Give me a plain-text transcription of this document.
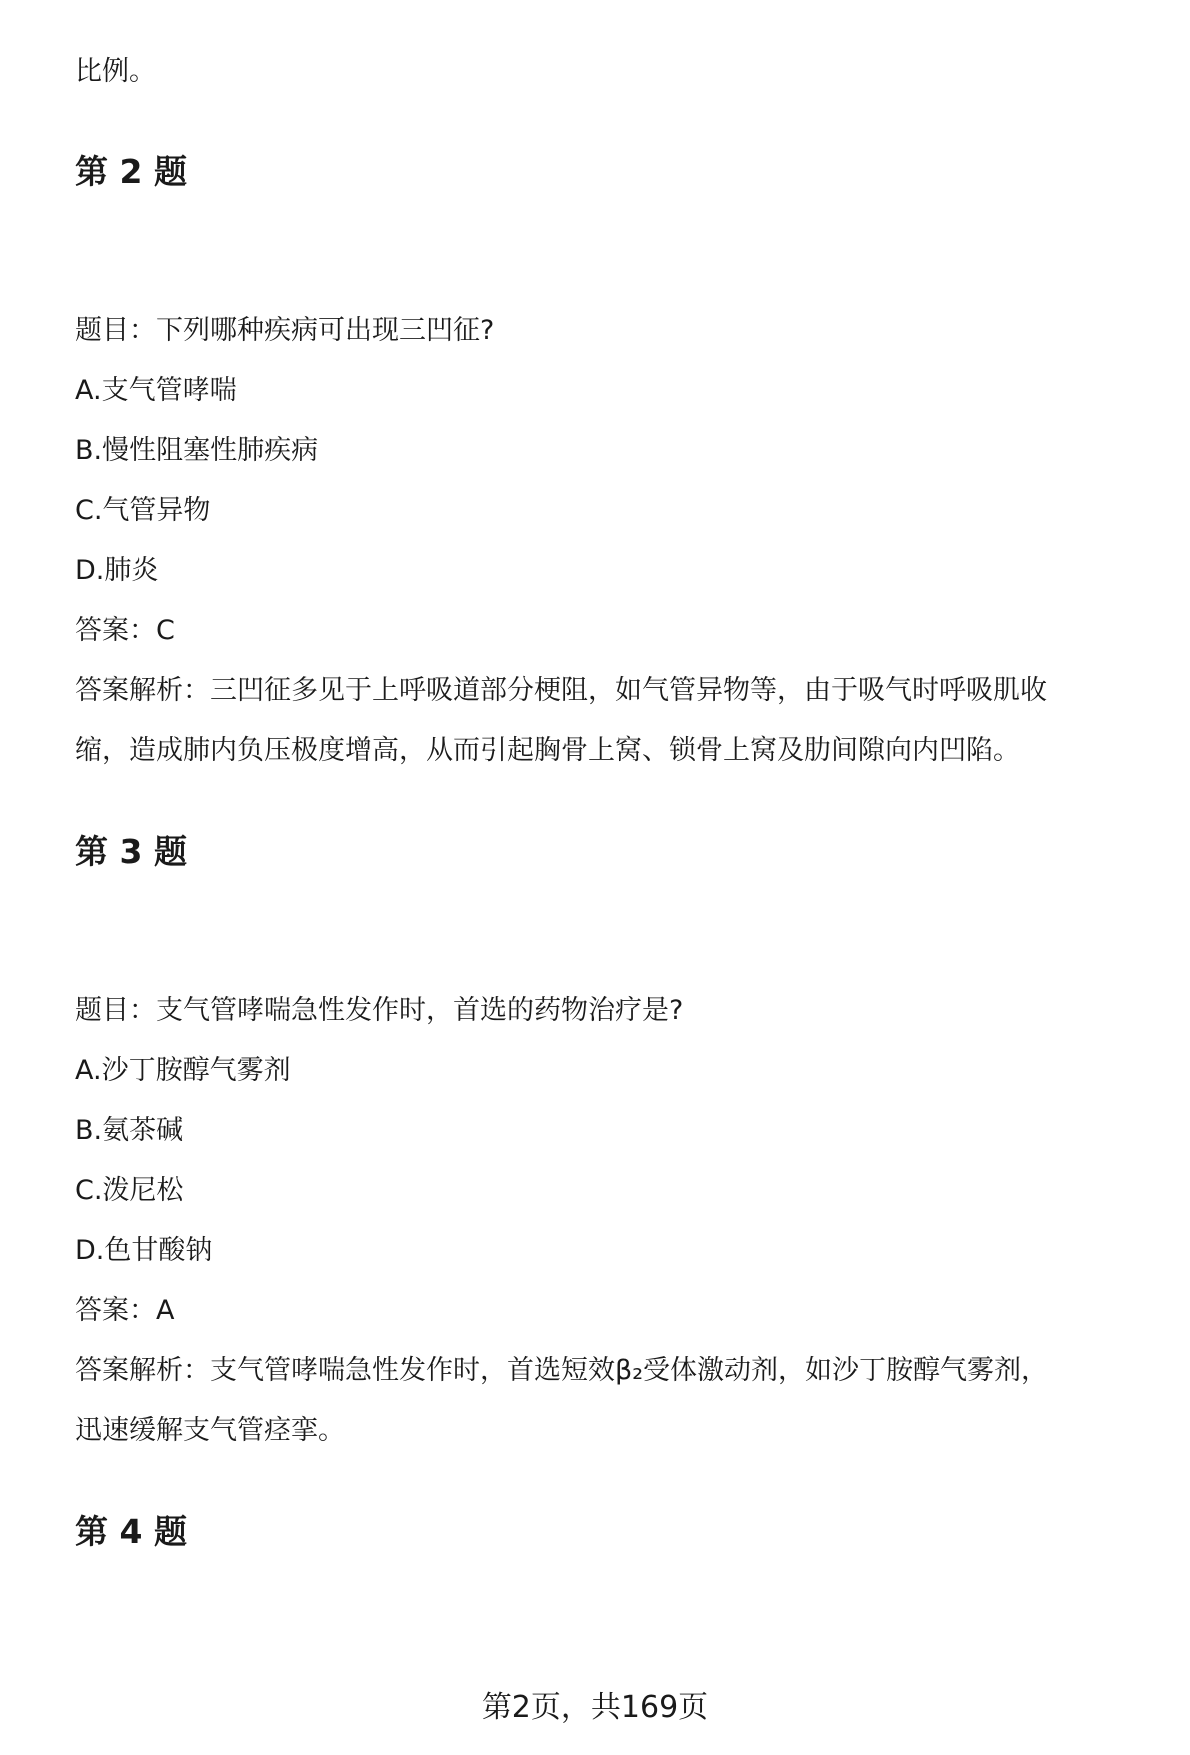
比例。
第 2 题
题目：下列哪种疾病可出现三凹征?
A.支气管哮喘
B.慢性阻塞性肺疾病
C.气管异物
D.肺炎
答案：C
答案解析：三凹征多见于上呼吸道部分梗阻，如气管异物等，由于吸气时呼吸肌收
缩，造成肺内负压极度增高，从而引起胸骨上窝、锁骨上窝及肋间隙向内凹陷。
第 3 题
题目：支气管哮喘急性发作时，首选的药物治疗是?
A.沙丁胺醇气雾剂
B.氨茶碱
C.泼尼松
D.色甘酸钠
答案：A
答案解析：支气管哮喘急性发作时，首选短效β₂受体激动剂，如沙丁胺醇气雾剂，
迅速缓解支气管痉挛。
第 4 题
第2页，共169页
